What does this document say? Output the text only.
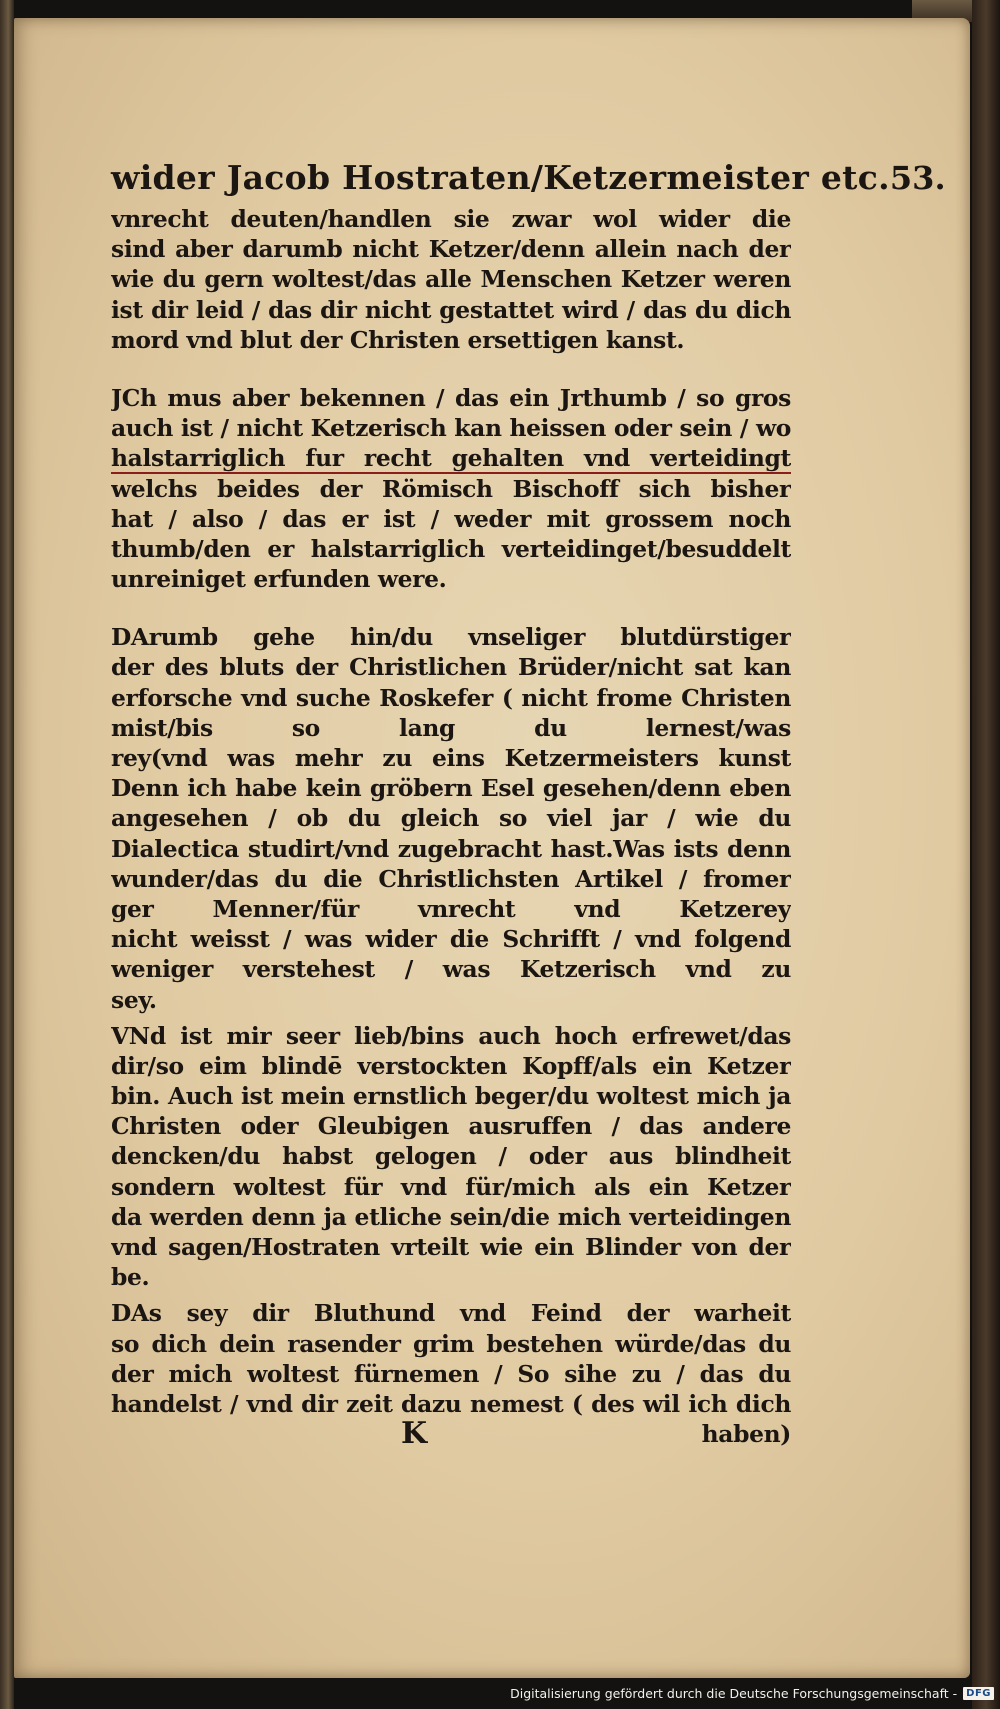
wider Jacob Hostraten/Ketzermeister etc. 53.
vnrecht deuten/handlen sie zwar wol wider die
sind aber darumb nicht Ketzer/denn allein nach der
wie du gern woltest/das alle Menschen Ketzer weren
ist dir leid / das dir nicht gestattet wird / das du dich
mord vnd blut der Christen ersettigen kanst.
JCh mus aber bekennen / das ein Jrthumb / so gros
auch ist / nicht Ketzerisch kan heissen oder sein / wo
halstarriglich fur recht gehalten vnd verteidingt
welchs beides der Römisch Bischoff sich bisher
hat / also / das er ist / weder mit grossem noch
thumb/den er halstarriglich verteidinget/besuddelt
unreiniget erfunden were.
DArumb gehe hin/du vnseliger blutdürstiger
der des bluts der Christlichen Brüder/nicht sat kan
erforsche vnd suche Roskefer ( nicht frome Christen
mist/bis so lang du lernest/was
rey(vnd was mehr zu eins Ketzermeisters kunst
Denn ich habe kein gröbern Esel gesehen/denn eben
angesehen / ob du gleich so viel jar / wie du
Dialectica studirt/vnd zugebracht hast.Was ists denn
wunder/das du die Christlichsten Artikel / fromer
ger Menner/für vnrecht vnd Ketzerey
nicht weisst / was wider die Schrifft / vnd folgend
weniger verstehest / was Ketzerisch vnd zu
sey.
VNd ist mir seer lieb/bins auch hoch erfrewet/das
dir/so eim blindē verstockten Kopff/als ein Ketzer
bin. Auch ist mein ernstlich beger/du woltest mich ja
Christen oder Gleubigen ausruffen / das andere
dencken/du habst gelogen / oder aus blindheit
sondern woltest für vnd für/mich als ein Ketzer
da werden denn ja etliche sein/die mich verteidingen
vnd sagen/Hostraten vrteilt wie ein Blinder von der
be.
DAs sey dir Bluthund vnd Feind der warheit
so dich dein rasender grim bestehen würde/das du
der mich woltest fürnemen / So sihe zu / das du
handelst / vnd dir zeit dazu nemest ( des wil ich dich
K	haben)
Digitalisierung gefördert durch die Deutsche Forschungsgemeinschaft - DFG
